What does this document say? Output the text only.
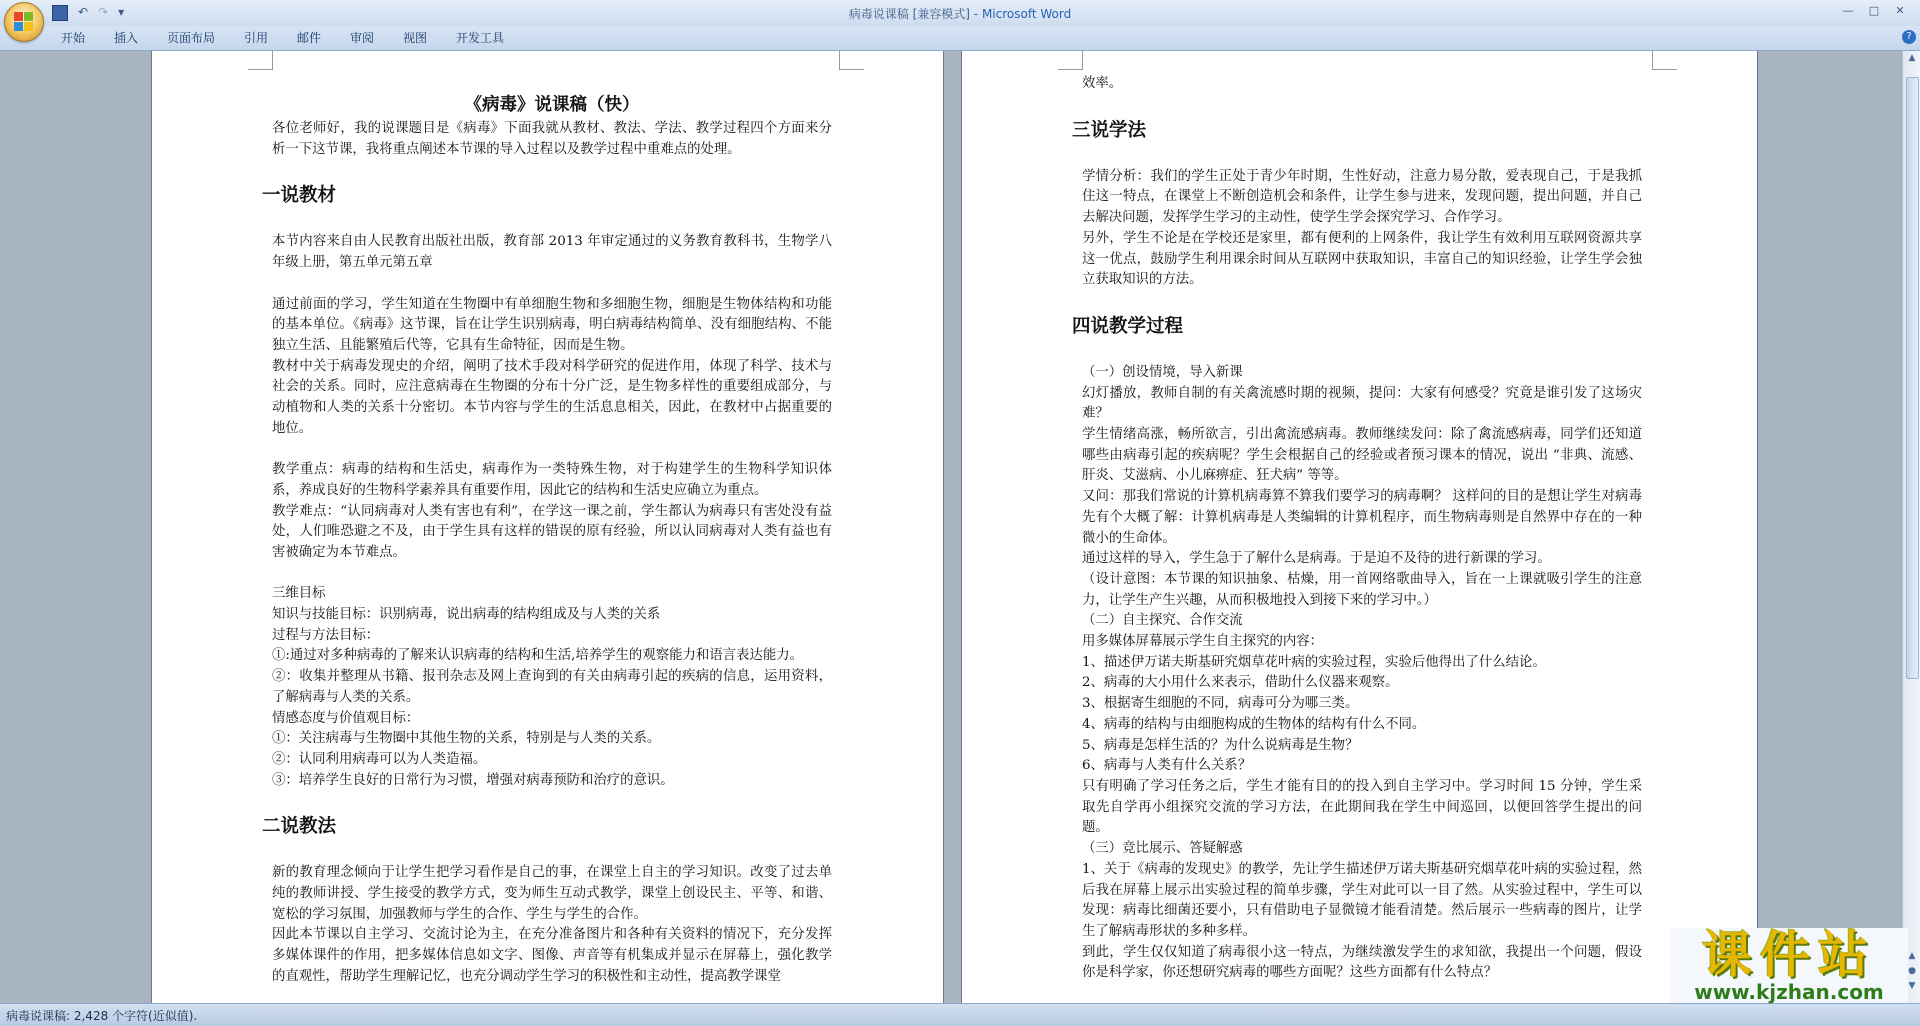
↶ ↷ ▾	病毒说课稿 [兼容模式] - Microsoft Word	—	□	✕
开始 插入 页面布局 引用 邮件 审阅 视图 开发工具	?

《病毒》说课稿（快）

各位老师好，我的说课题目是《病毒》下面我就从教材、教法、学法、教学过程四个方面来分析一下这节课，我将重点阐述本节课的导入过程以及教学过程中重难点的处理。

一说教材

本节内容来自由人民教育出版社出版，教育部 2013 年审定通过的义务教育教科书，生物学八年级上册，第五单元第五章

通过前面的学习，学生知道在生物圈中有单细胞生物和多细胞生物，细胞是生物体结构和功能的基本单位。《病毒》这节课，旨在让学生识别病毒，明白病毒结构简单、没有细胞结构、不能独立生活、且能繁殖后代等，它具有生命特征，因而是生物。

教材中关于病毒发现史的介绍，阐明了技术手段对科学研究的促进作用，体现了科学、技术与社会的关系。同时，应注意病毒在生物圈的分布十分广泛，是生物多样性的重要组成部分，与动植物和人类的关系十分密切。本节内容与学生的生活息息相关，因此，在教材中占据重要的地位。

教学重点：病毒的结构和生活史，病毒作为一类特殊生物，对于构建学生的生物科学知识体系，养成良好的生物科学素养具有重要作用，因此它的结构和生活史应确立为重点。

教学难点：“认同病毒对人类有害也有利”，在学这一课之前，学生都认为病毒只有害处没有益处，人们唯恐避之不及，由于学生具有这样的错误的原有经验，所以认同病毒对人类有益也有害被确定为本节难点。

三维目标

知识与技能目标：识别病毒，说出病毒的结构组成及与人类的关系

过程与方法目标：

①:通过对多种病毒的了解来认识病毒的结构和生活,培养学生的观察能力和语言表达能力。

②：收集并整理从书籍、报刊杂志及网上查询到的有关由病毒引起的疾病的信息，运用资料，了解病毒与人类的关系。

情感态度与价值观目标：

①：关注病毒与生物圈中其他生物的关系，特别是与人类的关系。

②：认同利用病毒可以为人类造福。

③：培养学生良好的日常行为习惯，增强对病毒预防和治疗的意识。

二说教法

新的教育理念倾向于让学生把学习看作是自己的事，在课堂上自主的学习知识。改变了过去单纯的教师讲授、学生接受的教学方式，变为师生互动式教学，课堂上创设民主、平等、和谐、宽松的学习氛围，加强教师与学生的合作、学生与学生的合作。

因此本节课以自主学习、交流讨论为主，在充分准备图片和各种有关资料的情况下，充分发挥多媒体课件的作用，把多媒体信息如文字、图像、声音等有机集成并显示在屏幕上，强化教学的直观性，帮助学生理解记忆，也充分调动学生学习的积极性和主动性，提高教学课堂

效率。

三说学法

学情分析：我们的学生正处于青少年时期，生性好动，注意力易分散，爱表现自己，于是我抓住这一特点，在课堂上不断创造机会和条件，让学生参与进来，发现问题，提出问题，并自己去解决问题，发挥学生学习的主动性，使学生学会探究学习、合作学习。

另外，学生不论是在学校还是家里，都有便利的上网条件，我让学生有效利用互联网资源共享这一优点，鼓励学生利用课余时间从互联网中获取知识，丰富自己的知识经验，让学生学会独立获取知识的方法。

四说教学过程

（一）创设情境，导入新课

幻灯播放，教师自制的有关禽流感时期的视频，提问：大家有何感受？究竟是谁引发了这场灾难？

学生情绪高涨，畅所欲言，引出禽流感病毒。教师继续发问：除了禽流感病毒，同学们还知道哪些由病毒引起的疾病呢？学生会根据自己的经验或者预习课本的情况，说出 “非典、流感、肝炎、艾滋病、小儿麻痹症、狂犬病” 等等。

又问：那我们常说的计算机病毒算不算我们要学习的病毒啊？ 这样问的目的是想让学生对病毒先有个大概了解：计算机病毒是人类编辑的计算机程序，而生物病毒则是自然界中存在的一种微小的生命体。

通过这样的导入，学生急于了解什么是病毒。于是迫不及待的进行新课的学习。

（设计意图：本节课的知识抽象、枯燥，用一首网络歌曲导入，旨在一上课就吸引学生的注意力，让学生产生兴趣，从而积极地投入到接下来的学习中。）

（二）自主探究、合作交流

用多媒体屏幕展示学生自主探究的内容：

1、描述伊万诺夫斯基研究烟草花叶病的实验过程，实验后他得出了什么结论。

2、病毒的大小用什么来表示，借助什么仪器来观察。

3、根据寄生细胞的不同，病毒可分为哪三类。

4、病毒的结构与由细胞构成的生物体的结构有什么不同。

5、病毒是怎样生活的？为什么说病毒是生物？

6、病毒与人类有什么关系？

只有明确了学习任务之后，学生才能有目的的投入到自主学习中。学习时间 15 分钟，学生采取先自学再小组探究交流的学习方法，在此期间我在学生中间巡回，以便回答学生提出的问题。

（三）竞比展示、答疑解惑

1、关于《病毒的发现史》的教学，先让学生描述伊万诺夫斯基研究烟草花叶病的实验过程，然后我在屏幕上展示出实验过程的简单步骤，学生对此可以一目了然。从实验过程中，学生可以发现：病毒比细菌还要小，只有借助电子显微镜才能看清楚。然后展示一些病毒的图片，让学生了解病毒形状的多种多样。

到此，学生仅仅知道了病毒很小这一特点，为继续激发学生的求知欲，我提出一个问题，假设你是科学家，你还想研究病毒的哪些方面呢？这些方面都有什么特点？

▲
▲
●
▼
病毒说课稿: 2,428 个字符(近似值).
课件站
www.kjzhan.com
